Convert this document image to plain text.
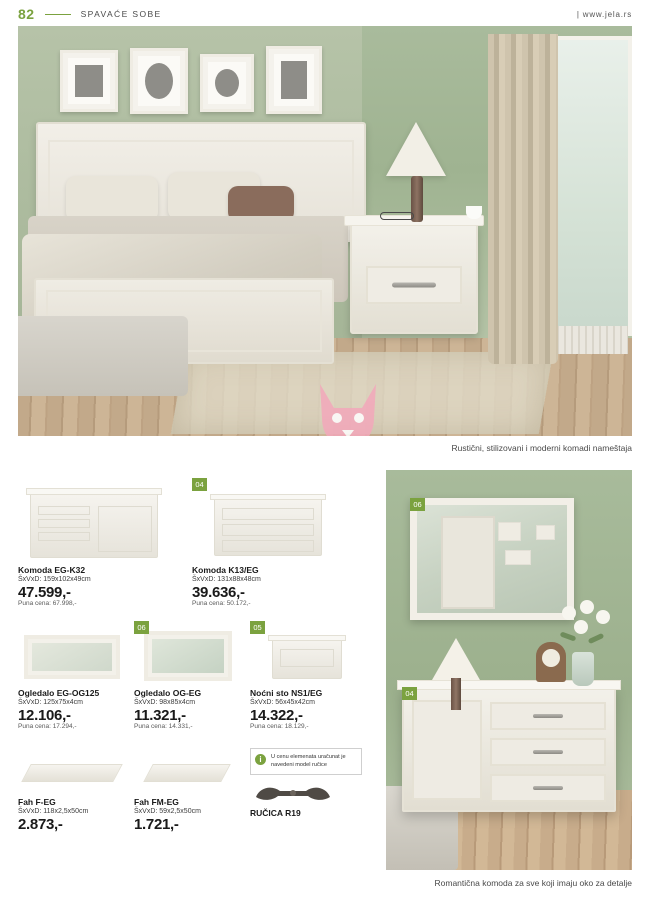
82	SPAVAĆE SOBE	| www.jela.rs
Rustični, stilizovani i moderni komadi nameštaja
Komoda EG-K32
ŠxVxD: 159x102x49cm
47.599,-
Puna cena: 67.998,-
04
Komoda K13/EG
ŠxVxD: 131x88x48cm
39.636,-
Puna cena: 50.172,-
Ogledalo EG-OG125
ŠxVxD: 125x75x4cm
12.106,-
Puna cena: 17.294,-
06
Ogledalo OG-EG
ŠxVxD: 98x85x4cm
11.321,-
Puna cena: 14.331,-
05
Noćni sto NS1/EG
ŠxVxD: 56x45x42cm
14.322,-
Puna cena: 18.129,-
Fah F-EG
ŠxVxD: 118x2,5x50cm
2.873,-
Fah FM-EG
ŠxVxD: 59x2,5x50cm
1.721,-
i	U cenu elemenata uračunat je navedeni model ručice
RUČICA R19
06
04
Romantična komoda za sve koji imaju oko za detalje
